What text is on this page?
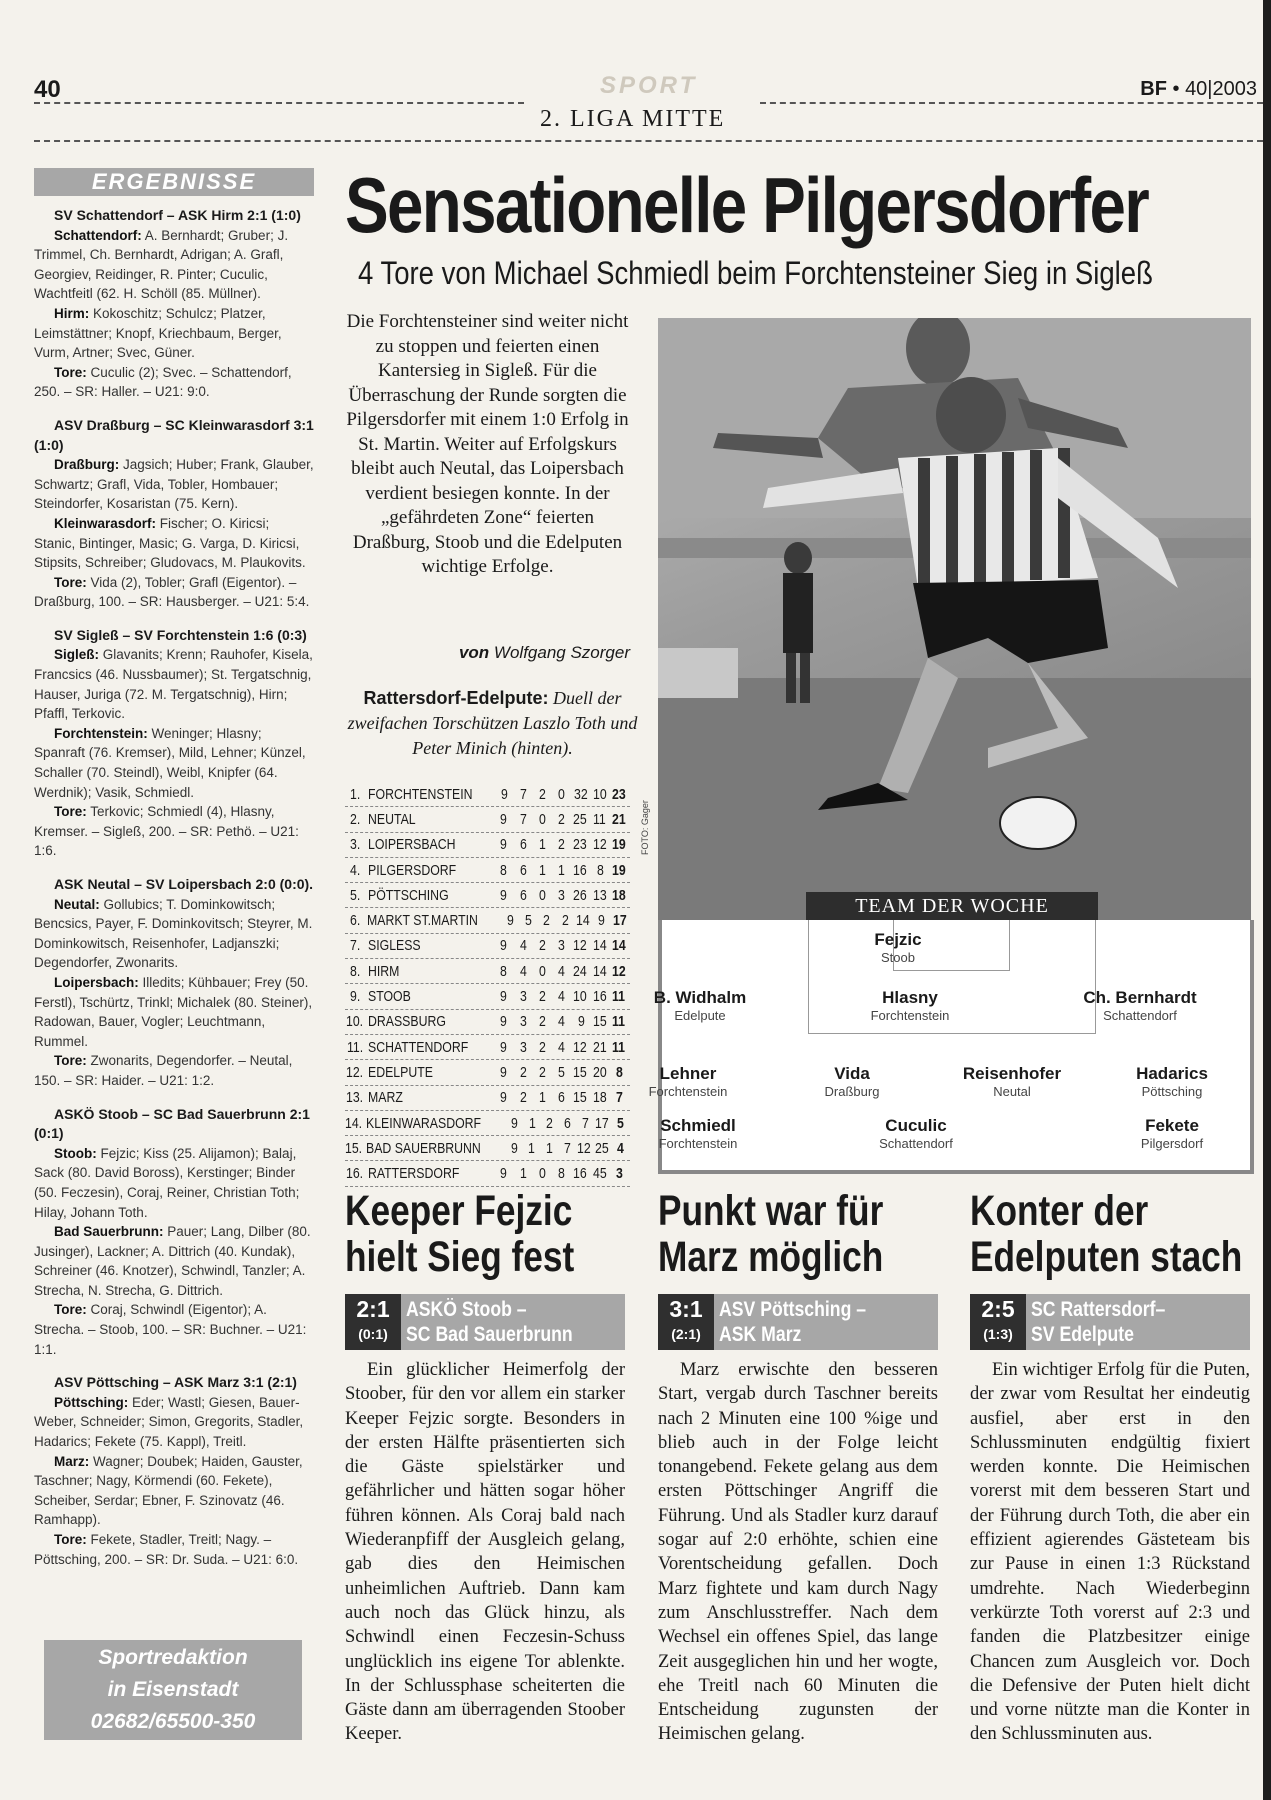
40	SPORT	BF • 40|2003
2. LIGA MITTE
ERGEBNISSE
SV Schattendorf – ASK Hirm 2:1 (1:0)

Schattendorf: A. Bernhardt; Gruber; J. Trimmel, Ch. Bernhardt, Adrigan; A. Grafl, Georgiev, Reidinger, R. Pinter; Cuculic, Wachtfeitl (62. H. Schöll (85. Müllner).

Hirm: Kokoschitz; Schulcz; Platzer, Leimstättner; Knopf, Kriechbaum, Berger, Vurm, Artner; Svec, Güner.

Tore: Cuculic (2); Svec. – Schattendorf, 250. – SR: Haller. – U21: 9:0.

ASV Draßburg – SC Kleinwarasdorf 3:1 (1:0)

Draßburg: Jagsich; Huber; Frank, Glauber, Schwartz; Grafl, Vida, Tobler, Hombauer; Steindorfer, Kosaristan (75. Kern).

Kleinwarasdorf: Fischer; O. Kiricsi; Stanic, Bintinger, Masic; G. Varga, D. Kiricsi, Stipsits, Schreiber; Gludovacs, M. Plaukovits.

Tore: Vida (2), Tobler; Grafl (Eigentor). – Draßburg, 100. – SR: Hausberger. – U21: 5:4.

SV Sigleß – SV Forchtenstein 1:6 (0:3)

Sigleß: Glavanits; Krenn; Rauhofer, Kisela, Francsics (46. Nussbaumer); St. Tergatschnig, Hauser, Juriga (72. M. Tergatschnig), Hirn; Pfaffl, Terkovic.

Forchtenstein: Weninger; Hlasny; Spanraft (76. Kremser), Mild, Lehner; Künzel, Schaller (70. Steindl), Weibl, Knipfer (64. Werdnik); Vasik, Schmiedl.

Tore: Terkovic; Schmiedl (4), Hlasny, Kremser. – Sigleß, 200. – SR: Pethö. – U21: 1:6.

ASK Neutal – SV Loipersbach 2:0 (0:0).

Neutal: Gollubics; T. Dominkowitsch; Bencsics, Payer, F. Dominkovitsch; Steyrer, M. Dominkowitsch, Reisenhofer, Ladjanszki; Degendorfer, Zwonarits.

Loipersbach: Illedits; Kühbauer; Frey (50. Ferstl), Tschürtz, Trinkl; Michalek (80. Steiner), Radowan, Bauer, Vogler; Leuchtmann, Rummel.

Tore: Zwonarits, Degendorfer. – Neutal, 150. – SR: Haider. – U21: 1:2.

ASKÖ Stoob – SC Bad Sauerbrunn 2:1 (0:1)

Stoob: Fejzic; Kiss (25. Alijamon); Balaj, Sack (80. David Boross), Kerstinger; Binder (50. Feczesin), Coraj, Reiner, Christian Toth; Hilay, Johann Toth.

Bad Sauerbrunn: Pauer; Lang, Dilber (80. Jusinger), Lackner; A. Dittrich (40. Kundak), Schreiner (46. Knotzer), Schwindl, Tanzler; A. Strecha, N. Strecha, G. Dittrich.

Tore: Coraj, Schwindl (Eigentor); A. Strecha. – Stoob, 100. – SR: Buchner. – U21: 1:1.

ASV Pöttsching – ASK Marz 3:1 (2:1)

Pöttsching: Eder; Wastl; Giesen, Bauer-Weber, Schneider; Simon, Gregorits, Stadler, Hadarics; Fekete (75. Kappl), Treitl.

Marz: Wagner; Doubek; Haiden, Gauster, Taschner; Nagy, Körmendi (60. Fekete), Scheiber, Serdar; Ebner, F. Szinovatz (46. Ramhapp).

Tore: Fekete, Stadler, Treitl; Nagy. – Pöttsching, 200. – SR: Dr. Suda. – U21: 6:0.

Sportredaktion
in Eisenstadt
02682/65500-350
Sensationelle Pilgersdorfer
4 Tore von Michael Schmiedl beim Forchtensteiner Sieg in Sigleß
Die Forchtensteiner sind weiter nicht zu stoppen und feierten einen Kantersieg in Sigleß. Für die Überraschung der Runde sorgten die Pilgersdorfer mit einem 1:0 Erfolg in St. Martin. Weiter auf Erfolgskurs bleibt auch Neutal, das Loipersbach verdient besiegen konnte. In der „gefährdeten Zone“ feierten Draßburg, Stoob und die Edelputen wichtige Erfolge.
von Wolfgang Szorger
Rattersdorf-Edelpute: Duell der zweifachen Torschützen Laszlo Toth und Peter Minich (hinten).
FOTO: Gager
1. FORCHTENSTEIN	9 7 2 0 32 10 23
2. NEUTAL	9 7 0 2 25 11 21
3. LOIPERSBACH	9 6 1 2 23 12 19
4. PILGERSDORF	8 6 1 1 16 8 19
5. PÖTTSCHING	9 6 0 3 26 13 18
6. MARKT ST.MARTIN	9 5 2 2 14 9 17
7. SIGLESS	9 4 2 3 12 14 14
8. HIRM	8 4 0 4 24 14 12
9. STOOB	9 3 2 4 10 16 11
10. DRASSBURG	9 3 2 4 9 15 11
11. SCHATTENDORF	9 3 2 4 12 21 11
12. EDELPUTE	9 2 2 5 15 20 8
13. MARZ	9 2 1 6 15 18 7
14. KLEINWARASDORF	9 1 2 6 7 17 5
15. BAD SAUERBRUNN	9 1 1 7 12 25 4
16. RATTERSDORF	9 1 0 8 16 45 3
TEAM DER WOCHE
Fejzic
Stoob
B. Widhalm
Edelpute
Hlasny
Forchtenstein
Ch. Bernhardt
Schattendorf
Lehner
Forchtenstein
Vida
Draßburg
Reisenhofer
Neutal
Hadarics
Pöttsching
Schmiedl
Forchtenstein
Cuculic
Schattendorf
Fekete
Pilgersdorf
Keeper Fejzic
hielt Sieg fest
2:1
(0:1)
ASKÖ Stoob –
SC Bad Sauerbrunn
Ein glücklicher Heimerfolg der Stoober, für den vor allem ein starker Keeper Fejzic sorgte. Besonders in der ersten Hälfte präsentierten sich die Gäste spielstärker und gefährlicher und hätten sogar höher führen können. Als Coraj bald nach Wiederanpfiff der Ausgleich gelang, gab dies den Heimischen unheimlichen Auftrieb. Dann kam auch noch das Glück hinzu, als Schwindl einen Feczesin-Schuss unglücklich ins eigene Tor ablenkte. In der Schlussphase scheiterten die Gäste dann am überragenden Stoober Keeper.
Punkt war für
Marz möglich
3:1
(2:1)
ASV Pöttsching –
ASK Marz
Marz erwischte den besseren Start, vergab durch Taschner bereits nach 2 Minuten eine 100 %ige und blieb auch in der Folge leicht tonangebend. Fekete gelang aus dem ersten Pöttschinger Angriff die Führung. Und als Stadler kurz darauf sogar auf 2:0 erhöhte, schien eine Vorentscheidung gefallen. Doch Marz fightete und kam durch Nagy zum Anschlusstreffer. Nach dem Wechsel ein offenes Spiel, das lange Zeit ausgeglichen hin und her wogte, ehe Treitl nach 60 Minuten die Entscheidung zugunsten der Heimischen gelang.
Konter der
Edelputen stach
2:5
(1:3)
SC Rattersdorf–
SV Edelpute
Ein wichtiger Erfolg für die Puten, der zwar vom Resultat her eindeutig ausfiel, aber erst in den Schlussminuten endgültig fixiert werden konnte. Die Heimischen vorerst mit dem besseren Start und der Führung durch Toth, die aber ein effizient agierendes Gästeteam bis zur Pause in einen 1:3 Rückstand umdrehte. Nach Wiederbeginn verkürzte Toth vorerst auf 2:3 und fanden die Platzbesitzer einige Chancen zum Ausgleich vor. Doch die Defensive der Puten hielt dicht und vorne nützte man die Konter in den Schlussminuten aus.
